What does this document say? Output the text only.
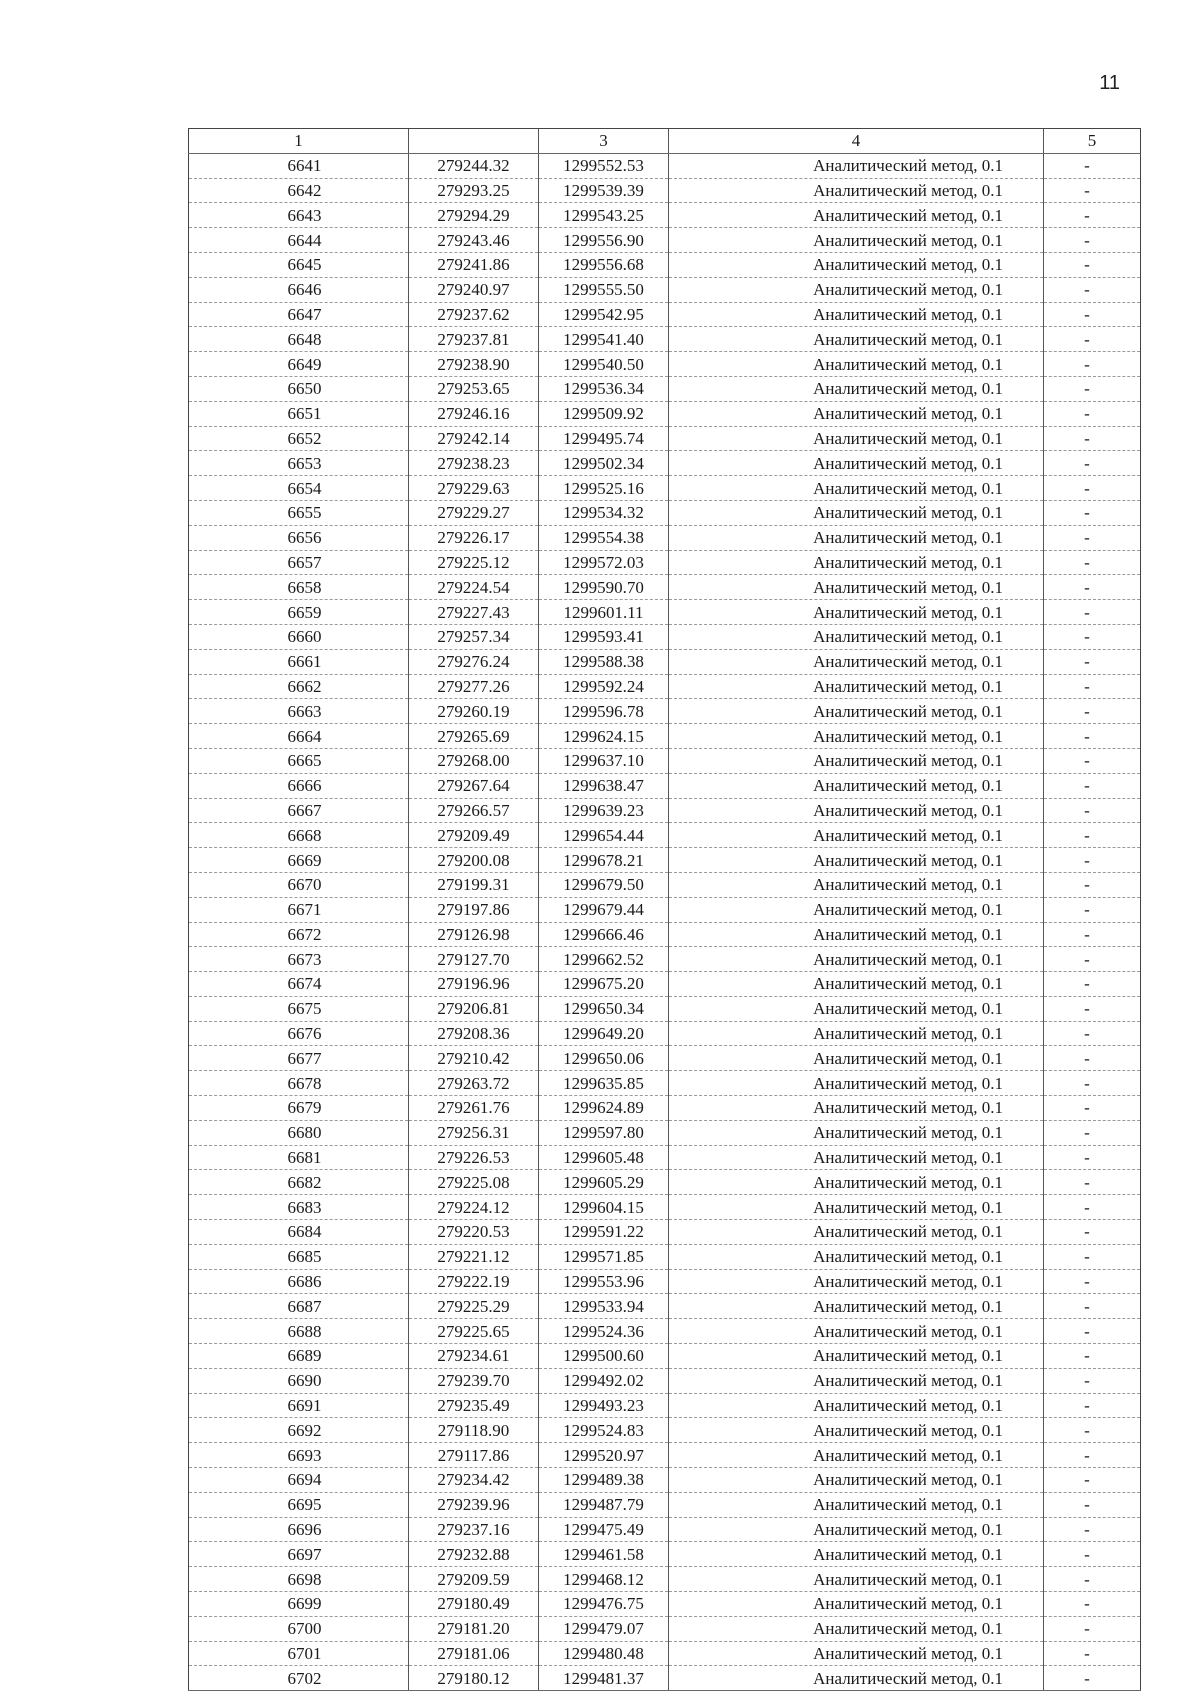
11
1		3	4	5
6641	279244.32	1299552.53	Аналитический метод, 0.1	-
6642	279293.25	1299539.39	Аналитический метод, 0.1	-
6643	279294.29	1299543.25	Аналитический метод, 0.1	-
6644	279243.46	1299556.90	Аналитический метод, 0.1	-
6645	279241.86	1299556.68	Аналитический метод, 0.1	-
6646	279240.97	1299555.50	Аналитический метод, 0.1	-
6647	279237.62	1299542.95	Аналитический метод, 0.1	-
6648	279237.81	1299541.40	Аналитический метод, 0.1	-
6649	279238.90	1299540.50	Аналитический метод, 0.1	-
6650	279253.65	1299536.34	Аналитический метод, 0.1	-
6651	279246.16	1299509.92	Аналитический метод, 0.1	-
6652	279242.14	1299495.74	Аналитический метод, 0.1	-
6653	279238.23	1299502.34	Аналитический метод, 0.1	-
6654	279229.63	1299525.16	Аналитический метод, 0.1	-
6655	279229.27	1299534.32	Аналитический метод, 0.1	-
6656	279226.17	1299554.38	Аналитический метод, 0.1	-
6657	279225.12	1299572.03	Аналитический метод, 0.1	-
6658	279224.54	1299590.70	Аналитический метод, 0.1	-
6659	279227.43	1299601.11	Аналитический метод, 0.1	-
6660	279257.34	1299593.41	Аналитический метод, 0.1	-
6661	279276.24	1299588.38	Аналитический метод, 0.1	-
6662	279277.26	1299592.24	Аналитический метод, 0.1	-
6663	279260.19	1299596.78	Аналитический метод, 0.1	-
6664	279265.69	1299624.15	Аналитический метод, 0.1	-
6665	279268.00	1299637.10	Аналитический метод, 0.1	-
6666	279267.64	1299638.47	Аналитический метод, 0.1	-
6667	279266.57	1299639.23	Аналитический метод, 0.1	-
6668	279209.49	1299654.44	Аналитический метод, 0.1	-
6669	279200.08	1299678.21	Аналитический метод, 0.1	-
6670	279199.31	1299679.50	Аналитический метод, 0.1	-
6671	279197.86	1299679.44	Аналитический метод, 0.1	-
6672	279126.98	1299666.46	Аналитический метод, 0.1	-
6673	279127.70	1299662.52	Аналитический метод, 0.1	-
6674	279196.96	1299675.20	Аналитический метод, 0.1	-
6675	279206.81	1299650.34	Аналитический метод, 0.1	-
6676	279208.36	1299649.20	Аналитический метод, 0.1	-
6677	279210.42	1299650.06	Аналитический метод, 0.1	-
6678	279263.72	1299635.85	Аналитический метод, 0.1	-
6679	279261.76	1299624.89	Аналитический метод, 0.1	-
6680	279256.31	1299597.80	Аналитический метод, 0.1	-
6681	279226.53	1299605.48	Аналитический метод, 0.1	-
6682	279225.08	1299605.29	Аналитический метод, 0.1	-
6683	279224.12	1299604.15	Аналитический метод, 0.1	-
6684	279220.53	1299591.22	Аналитический метод, 0.1	-
6685	279221.12	1299571.85	Аналитический метод, 0.1	-
6686	279222.19	1299553.96	Аналитический метод, 0.1	-
6687	279225.29	1299533.94	Аналитический метод, 0.1	-
6688	279225.65	1299524.36	Аналитический метод, 0.1	-
6689	279234.61	1299500.60	Аналитический метод, 0.1	-
6690	279239.70	1299492.02	Аналитический метод, 0.1	-
6691	279235.49	1299493.23	Аналитический метод, 0.1	-
6692	279118.90	1299524.83	Аналитический метод, 0.1	-
6693	279117.86	1299520.97	Аналитический метод, 0.1	-
6694	279234.42	1299489.38	Аналитический метод, 0.1	-
6695	279239.96	1299487.79	Аналитический метод, 0.1	-
6696	279237.16	1299475.49	Аналитический метод, 0.1	-
6697	279232.88	1299461.58	Аналитический метод, 0.1	-
6698	279209.59	1299468.12	Аналитический метод, 0.1	-
6699	279180.49	1299476.75	Аналитический метод, 0.1	-
6700	279181.20	1299479.07	Аналитический метод, 0.1	-
6701	279181.06	1299480.48	Аналитический метод, 0.1	-
6702	279180.12	1299481.37	Аналитический метод, 0.1	-
